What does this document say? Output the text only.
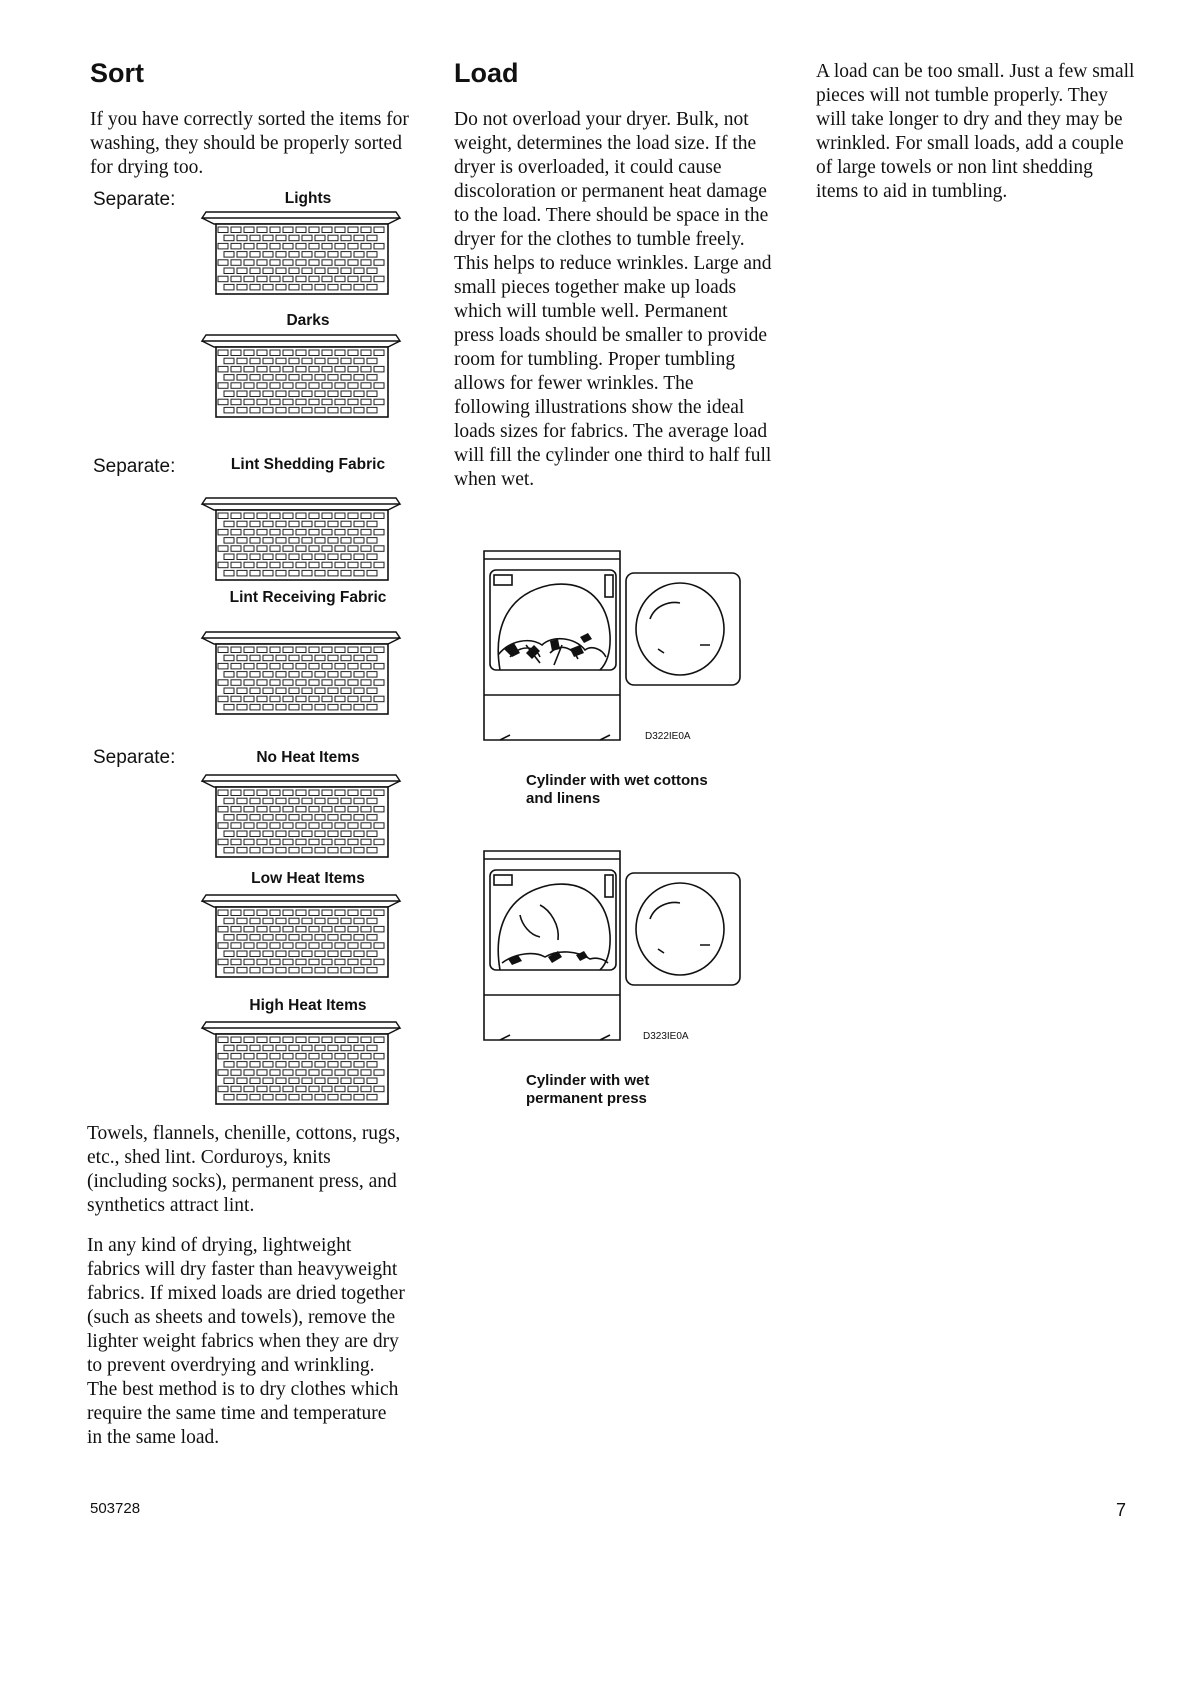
Sort

If you have correctly sorted the items for washing, they should be properly sorted for drying too.

Separate:
Separate:
Separate:
Lights
Darks
Lint Shedding Fabric
Lint Receiving Fabric
No Heat Items
Low Heat Items
High Heat Items

Towels, flannels, chenille, cottons, rugs, etc., shed lint. Corduroys, knits (including socks), permanent press, and synthetics attract lint.

In any kind of drying, lightweight fabrics will dry faster than heavyweight fabrics. If mixed loads are dried together (such as sheets and towels), remove the lighter weight fabrics when they are dry to prevent overdrying and wrinkling. The best method is to dry clothes which require the same time and temperature in the same load.

Load

Do not overload your dryer. Bulk, not weight, determines the load size. If the dryer is overloaded, it could cause discoloration or permanent heat damage to the load. There should be space in the dryer for the clothes to tumble freely. This helps to reduce wrinkles. Large and small pieces together make up loads which will tumble well. Permanent press loads should be smaller to provide room for tumbling. Proper tumbling allows for fewer wrinkles. The following illustrations show the ideal loads sizes for fabrics. The average load will fill the cylinder one third to half full when wet.

D322IE0A
Cylinder with wet cottons and linens
D323IE0A
Cylinder with wet permanent press

A load can be too small. Just a few small pieces will not tumble properly. They will take longer to dry and they may be wrinkled. For small loads, add a couple of large towels or non lint shedding items to aid in tumbling.

503728	7
